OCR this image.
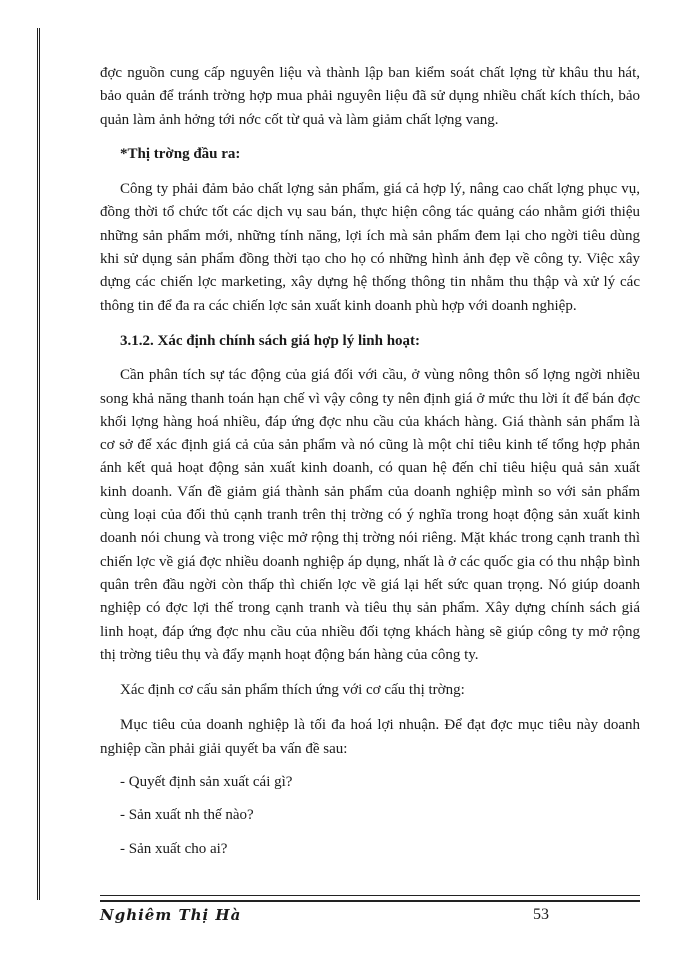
đợc nguồn cung cấp nguyên liệu và thành lập ban kiểm soát chất lợng từ khâu thu hát, bảo quản để tránh trờng hợp mua phải nguyên liệu đã sử dụng nhiều chất kích thích, bảo quản làm ảnh hởng tới nớc cốt từ quả và làm giảm chất lợng vang.

*Thị trờng đầu ra:

Công ty phải đảm bảo chất lợng sản phẩm, giá cả hợp lý, nâng cao chất lợng phục vụ, đồng thời tổ chức tốt các dịch vụ sau bán, thực hiện công tác quảng cáo nhằm giới thiệu những sản phẩm mới, những tính năng, lợi ích mà sản phẩm đem lại cho ngời tiêu dùng khi sử dụng sản phẩm đồng thời tạo cho họ có những hình ảnh đẹp về công ty. Việc xây dựng các chiến lợc marketing, xây dựng hệ thống thông tin nhằm thu thập và xử lý các thông tin để đa ra các chiến lợc sản xuất kinh doanh phù hợp với doanh nghiệp.

3.1.2. Xác định chính sách giá hợp lý linh hoạt:

Cần phân tích sự tác động của giá đối với cầu, ở vùng nông thôn số lợng ngời nhiều song khả năng thanh toán hạn chế vì vậy công ty nên định giá ở mức thu lời ít để bán đợc khối lợng hàng hoá nhiều, đáp ứng đợc nhu cầu của khách hàng. Giá thành sản phẩm là cơ sở để xác định giá cả của sản phẩm và nó cũng là một chỉ tiêu kinh tế tổng hợp phản ánh kết quả hoạt động sản xuất kinh doanh, có quan hệ đến chỉ tiêu hiệu quả sản xuất kinh doanh. Vấn đề giảm giá thành sản phẩm của doanh nghiệp mình so với sản phẩm cùng loại của đối thủ cạnh tranh trên thị trờng có ý nghĩa trong hoạt động sản xuất kinh doanh nói chung và trong việc mở rộng thị trờng nói riêng. Mặt khác trong cạnh tranh thì chiến lợc về giá đợc nhiều doanh nghiệp áp dụng, nhất là ở các quốc gia có thu nhập bình quân trên đầu ngời còn thấp thì chiến lợc về giá lại hết sức quan trọng. Nó giúp doanh nghiệp có đợc lợi thế trong cạnh tranh và tiêu thụ sản phẩm. Xây dựng chính sách giá linh hoạt, đáp ứng đợc nhu cầu của nhiều đối tợng khách hàng sẽ giúp công ty mở rộng thị trờng tiêu thụ và đẩy mạnh hoạt động bán hàng của công ty.

Xác định cơ cấu sản phẩm thích ứng với cơ cấu thị trờng:

Mục tiêu của doanh nghiệp là tối đa hoá lợi nhuận. Để đạt đợc mục tiêu này doanh nghiệp cần phải giải quyết ba vấn đề sau:

- Quyết định sản xuất cái gì?

- Sản xuất nh thế nào?

- Sản xuất cho ai?

Nghiêm Thị Hà	53
